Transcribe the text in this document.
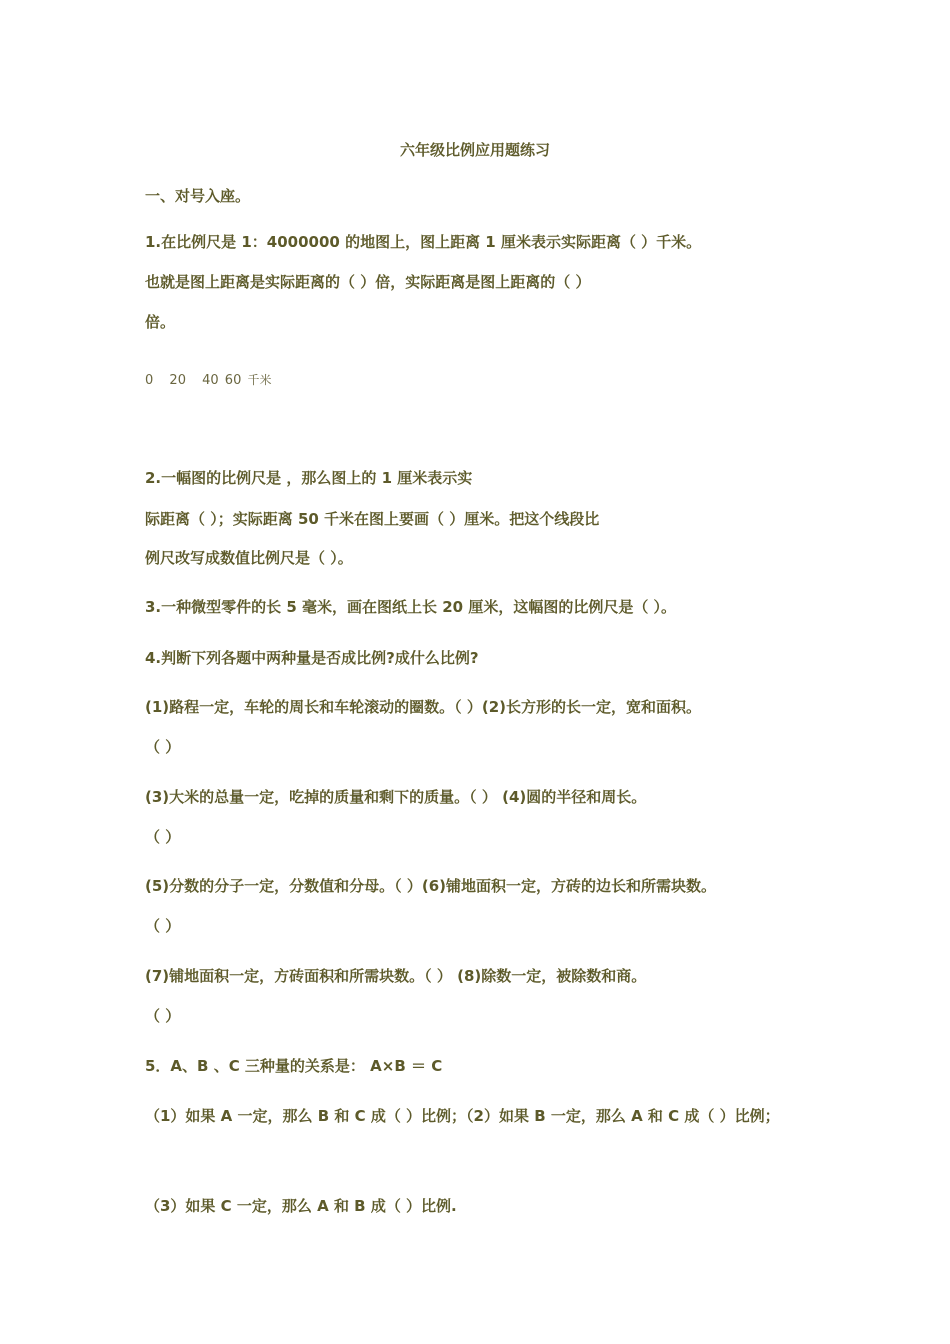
六年级比例应用题练习
一、对号入座。
1.在比例尺是 1：4000000 的地图上，图上距离 1 厘米表示实际距离（ ）千米。
也就是图上距离是实际距离的（ ）倍，实际距离是图上距离的（ ）
倍。
0 20 40 60 千米
2.一幅图的比例尺是 ，那么图上的 1 厘米表示实
际距离（ ）；实际距离 50 千米在图上要画（ ）厘米。把这个线段比
例尺改写成数值比例尺是（ ）。
3.一种微型零件的长 5 毫米，画在图纸上长 20 厘米，这幅图的比例尺是（ ）。
4.判断下列各题中两种量是否成比例?成什么比例?
(1)路程一定，车轮的周长和车轮滚动的圈数。（ ）(2)长方形的长一定，宽和面积。
（ ）
(3)大米的总量一定，吃掉的质量和剩下的质量。（ ） (4)圆的半径和周长。
（ ）
(5)分数的分子一定，分数值和分母。（ ）(6)铺地面积一定，方砖的边长和所需块数。
（ ）
(7)铺地面积一定，方砖面积和所需块数。（ ） (8)除数一定，被除数和商。
（ ）
5．A、B 、C 三种量的关系是： A×B ＝ C
（1）如果 A 一定，那么 B 和 C 成（ ）比例；（2）如果 B 一定，那么 A 和 C 成（ ）比例；
（3）如果 C 一定，那么 A 和 B 成（ ）比例.
